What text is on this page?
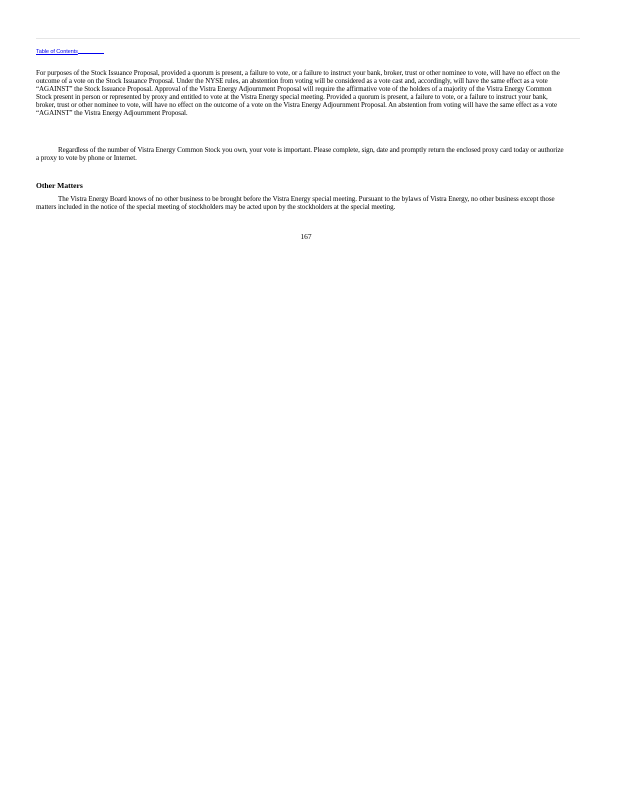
Table of Contents

For purposes of the Stock Issuance Proposal, provided a quorum is present, a failure to vote, or a failure to instruct your bank, broker, trust or other nominee to vote, will have no effect on the outcome of a vote on the Stock Issuance Proposal. Under the NYSE rules, an abstention from voting will be considered as a vote cast and, accordingly, will have the same effect as a vote “AGAINST” the Stock Issuance Proposal. Approval of the Vistra Energy Adjournment Proposal will require the affirmative vote of the holders of a majority of the Vistra Energy Common Stock present in person or represented by proxy and entitled to vote at the Vistra Energy special meeting. Provided a quorum is present, a failure to vote, or a failure to instruct your bank, broker, trust or other nominee to vote, will have no effect on the outcome of a vote on the Vistra Energy Adjournment Proposal. An abstention from voting will have the same effect as a vote “AGAINST” the Vistra Energy Adjournment Proposal.

Regardless of the number of Vistra Energy Common Stock you own, your vote is important. Please complete, sign, date and promptly return the enclosed proxy card today or authorize a proxy to vote by phone or Internet.

Other Matters

The Vistra Energy Board knows of no other business to be brought before the Vistra Energy special meeting. Pursuant to the bylaws of Vistra Energy, no other business except those matters included in the notice of the special meeting of stockholders may be acted upon by the stockholders at the special meeting.

167
